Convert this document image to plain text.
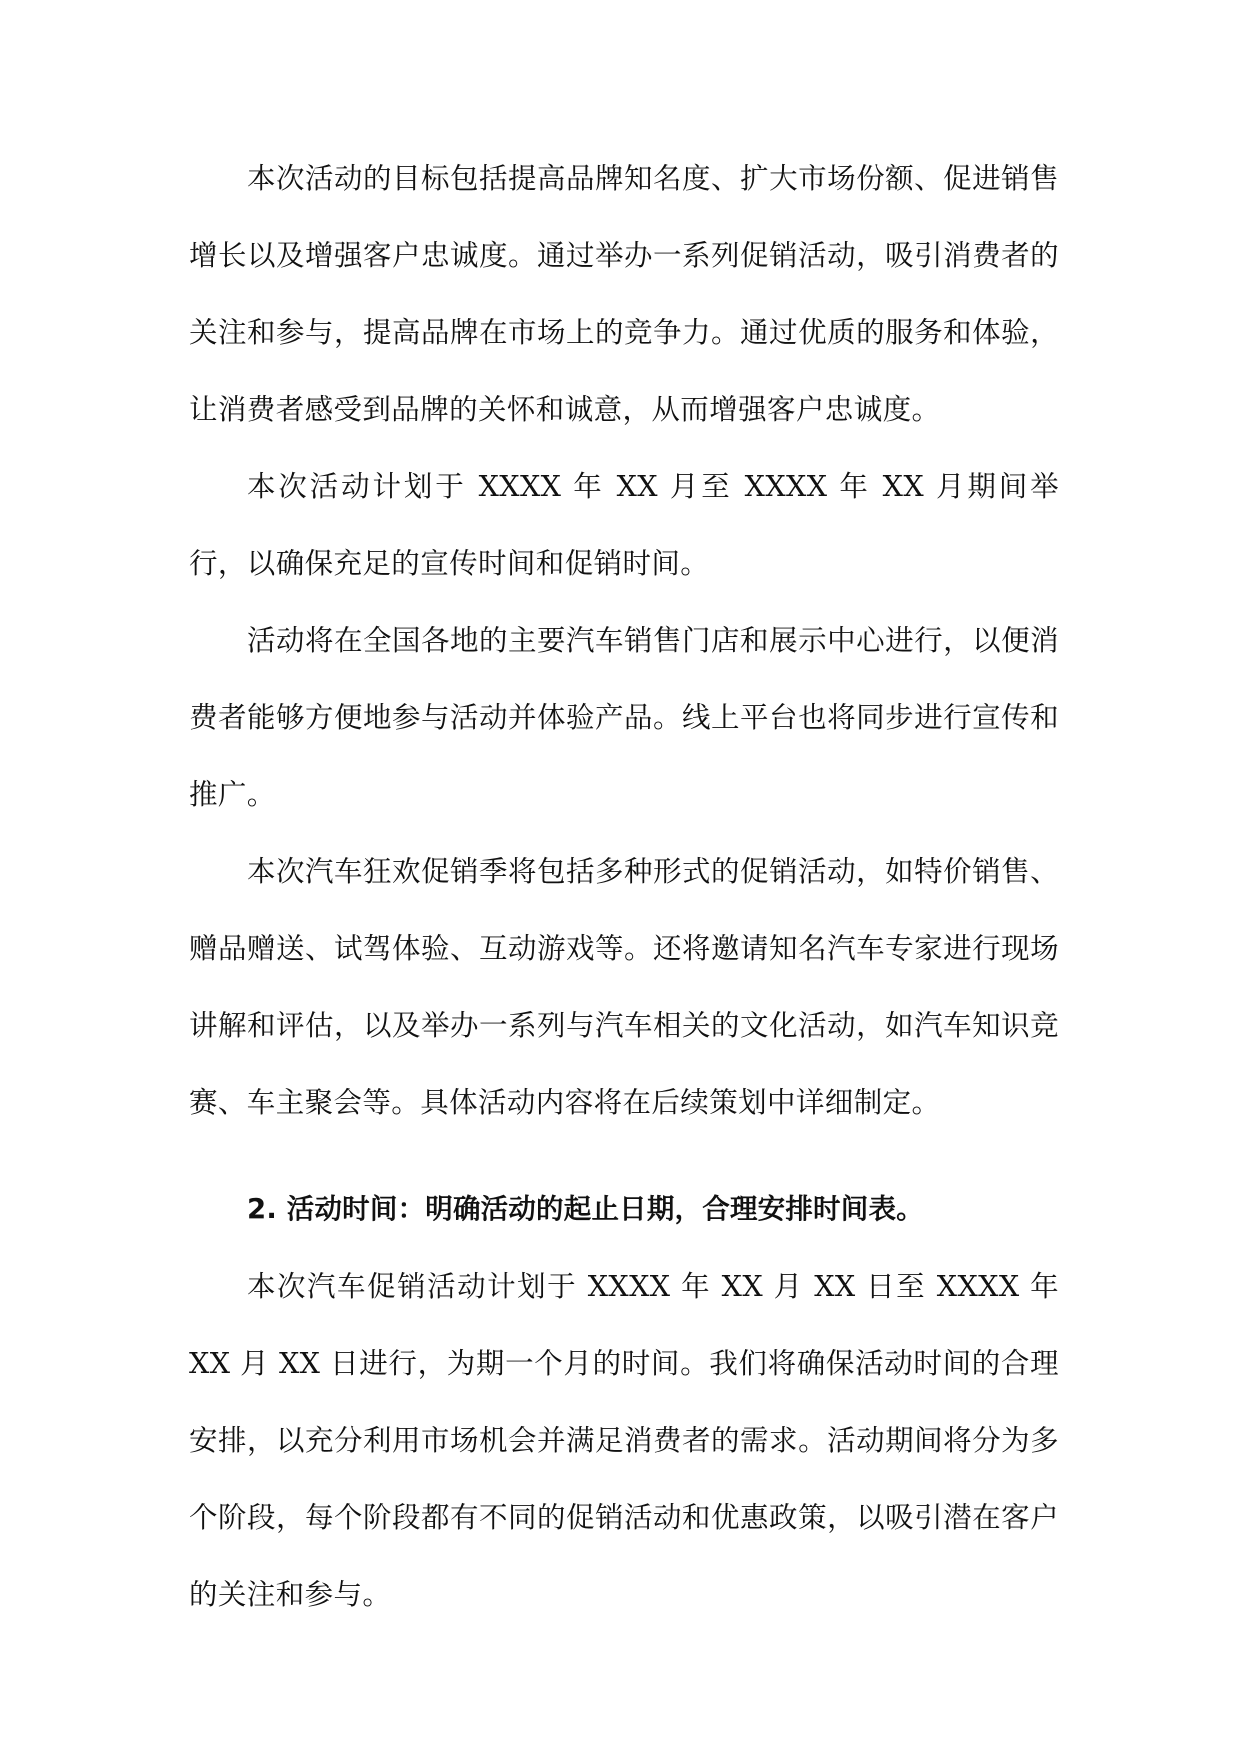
本次活动的目标包括提高品牌知名度、扩大市场份额、促进销售增长以及增强客户忠诚度。通过举办一系列促销活动，吸引消费者的关注和参与，提高品牌在市场上的竞争力。通过优质的服务和体验，让消费者感受到品牌的关怀和诚意，从而增强客户忠诚度。

本次活动计划于 XXXX 年 XX 月至 XXXX 年 XX 月期间举行，以确保充足的宣传时间和促销时间。

活动将在全国各地的主要汽车销售门店和展示中心进行，以便消费者能够方便地参与活动并体验产品。线上平台也将同步进行宣传和推广。

本次汽车狂欢促销季将包括多种形式的促销活动，如特价销售、赠品赠送、试驾体验、互动游戏等。还将邀请知名汽车专家进行现场讲解和评估，以及举办一系列与汽车相关的文化活动，如汽车知识竞赛、车主聚会等。具体活动内容将在后续策划中详细制定。

2. 活动时间：明确活动的起止日期，合理安排时间表。

本次汽车促销活动计划于 XXXX 年 XX 月 XX 日至 XXXX 年 XX 月 XX 日进行，为期一个月的时间。我们将确保活动时间的合理安排，以充分利用市场机会并满足消费者的需求。活动期间将分为多个阶段，每个阶段都有不同的促销活动和优惠政策，以吸引潜在客户的关注和参与。
